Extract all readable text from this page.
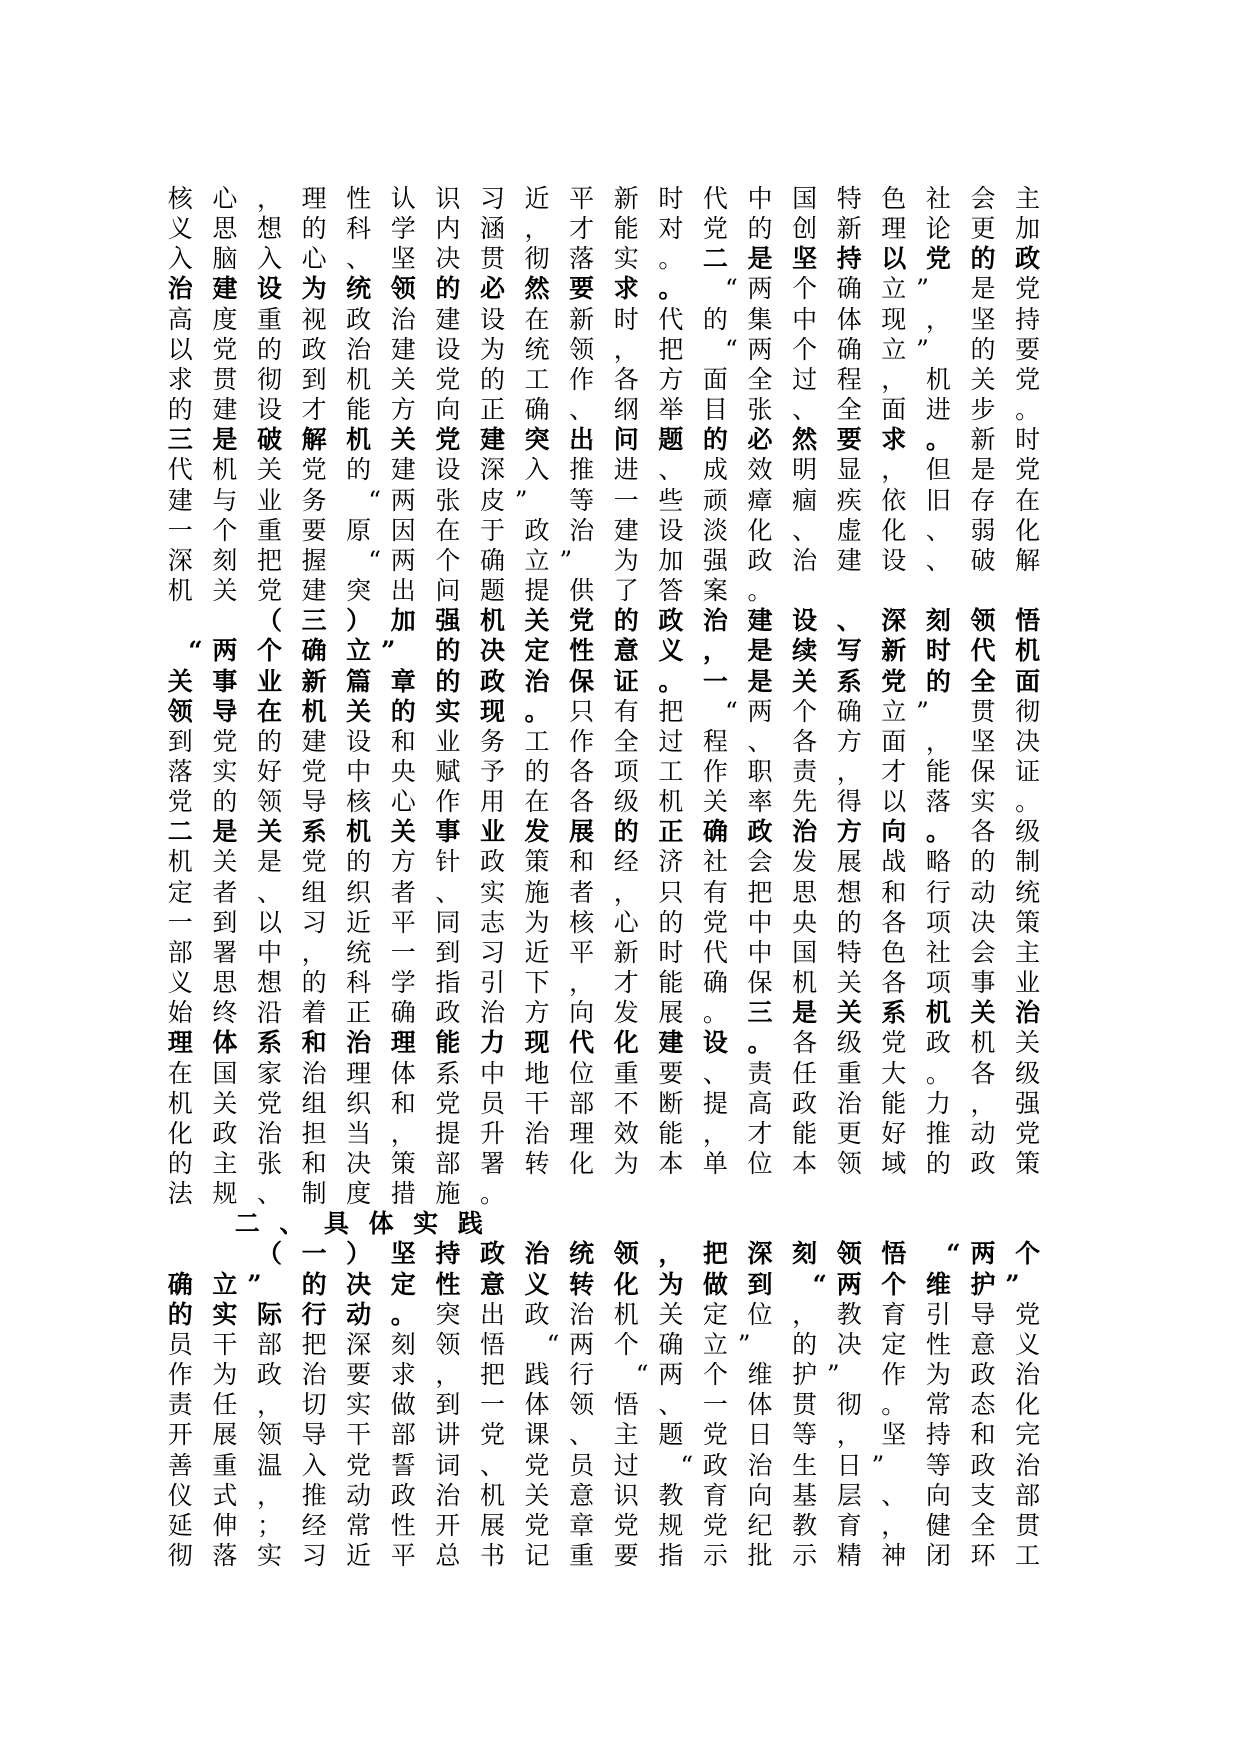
核 心 ， 理 性 认 识 习 近 平 新 时 代 中 国 特 色 社 会 主
义 思 想 的 科 学 内 涵 ， 才 能 对 党 的 创 新 理 论 更 加
入 脑 入 心 、 坚 决 贯 彻 落 实 。 二 是 坚 持 以 党 的 政
治 建 设 为 统 领 的 必 然 要 求 。 “ 两 个 确 立 ” 是 党
高 度 重 视 政 治 建 设 在 新 时 代 的 集 中 体 现 ， 坚 持
以 党 的 政 治 建 设 为 统 领 ， 把 “ 两 个 确 立 ” 的 要
求 贯 彻 到 机 关 党 的 工 作 各 方 面 全 过 程 ， 机 关 党
的 建 设 才 能 方 向 正 确 、 纲 举 目 张 、 全 面 进 步 。
三 是 破 解 机 关 党 建 突 出 问 题 的 必 然 要 求 。 新 时
代 机 关 党 的 建 设 深 入 推 进 、 成 效 明 显 ， 但 是 党
建 与 业 务 “ 两 张 皮 ” 等 一 些 顽 瘴 痼 疾 依 旧 存 在
一 个 重 要 原 因 在 于 政 治 建 设 淡 化 、 虚 化 、 弱 化
深 刻 把 握 “ 两 个 确 立 ” 为 加 强 政 治 建 设 、 破 解
机 关 党 建 突 出 问 题 提 供 了 答 案 。
（ 三 ） 加 强 机 关 党 的 政 治 建 设 、 深 刻 领 悟
“ 两 个 确 立 ” 的 决 定 性 意 义 ， 是 续 写 新 时 代 机
关 事 业 新 篇 章 的 政 治 保 证 。 一 是 关 系 党 的 全 面
领 导 在 机 关 的 实 现 。 只 有 把 “ 两 个 确 立 ” 贯 彻
到 党 的 建 设 和 业 务 工 作 全 过 程 、 各 方 面 ， 坚 决
落 实 好 党 中 央 赋 予 的 各 项 工 作 职 责 ， 才 能 保 证
党 的 领 导 核 心 作 用 在 各 级 机 关 率 先 得 以 落 实 。
二 是 关 系 机 关 事 业 发 展 的 正 确 政 治 方 向 。 各 级
机 关 是 党 的 方 针 政 策 和 经 济 社 会 发 展 战 略 的 制
定 者 、 组 织 者 、 实 施 者 ， 只 有 把 思 想 和 行 动 统
一 到 以 习 近 平 同 志 为 核 心 的 党 中 央 的 各 项 决 策
部 署 中 ， 统 一 到 习 近 平 新 时 代 中 国 特 色 社 会 主
义 思 想 的 科 学 指 引 下 ， 才 能 确 保 机 关 各 项 事 业
始 终 沿 着 正 确 政 治 方 向 发 展 。 三 是 关 系 机 关 治
理 体 系 和 治 理 能 力 现 代 化 建 设 。 各 级 党 政 机 关
在 国 家 治 理 体 系 中 地 位 重 要 、 责 任 重 大 。 各 级
机 关 党 组 织 和 党 员 干 部 不 断 提 高 政 治 能 力 ， 强
化 政 治 担 当 ， 提 升 治 理 效 能 ， 才 能 更 好 推 动 党
的 主 张 和 决 策 部 署 转 化 为 本 单 位 本 领 域 的 政 策
法 规 、 制 度 措 施 。
二 、 具 体 实 践
（ 一 ） 坚 持 政 治 统 领 ， 把 深 刻 领 悟 “ 两 个
确 立 ” 的 决 定 性 意 义 转 化 为 做 到 “ 两 个 维 护 ”
的 实 际 行 动 。 突 出 政 治 机 关 定 位 ， 教 育 引 导 党
员 干 部 把 深 刻 领 悟 “ 两 个 确 立 ” 的 决 定 性 意 义
作 为 政 治 要 求 ， 把 践 行 “ 两 个 维 护 ” 作 为 政 治
责 任 ， 切 实 做 到 一 体 领 悟 、 一 体 贯 彻 。 常 态 化
开 展 领 导 干 部 讲 党 课 、 主 题 党 日 等 ， 坚 持 和 完
善 重 温 入 党 誓 词 、 党 员 过 “ 政 治 生 日 ” 等 政 治
仪 式 ， 推 动 政 治 机 关 意 识 教 育 向 基 层 、 向 支 部
延 伸 ； 经 常 性 开 展 党 章 党 规 党 纪 教 育 ， 健 全 贯
彻 落 实 习 近 平 总 书 记 重 要 指 示 批 示 精 神 闭 环 工
